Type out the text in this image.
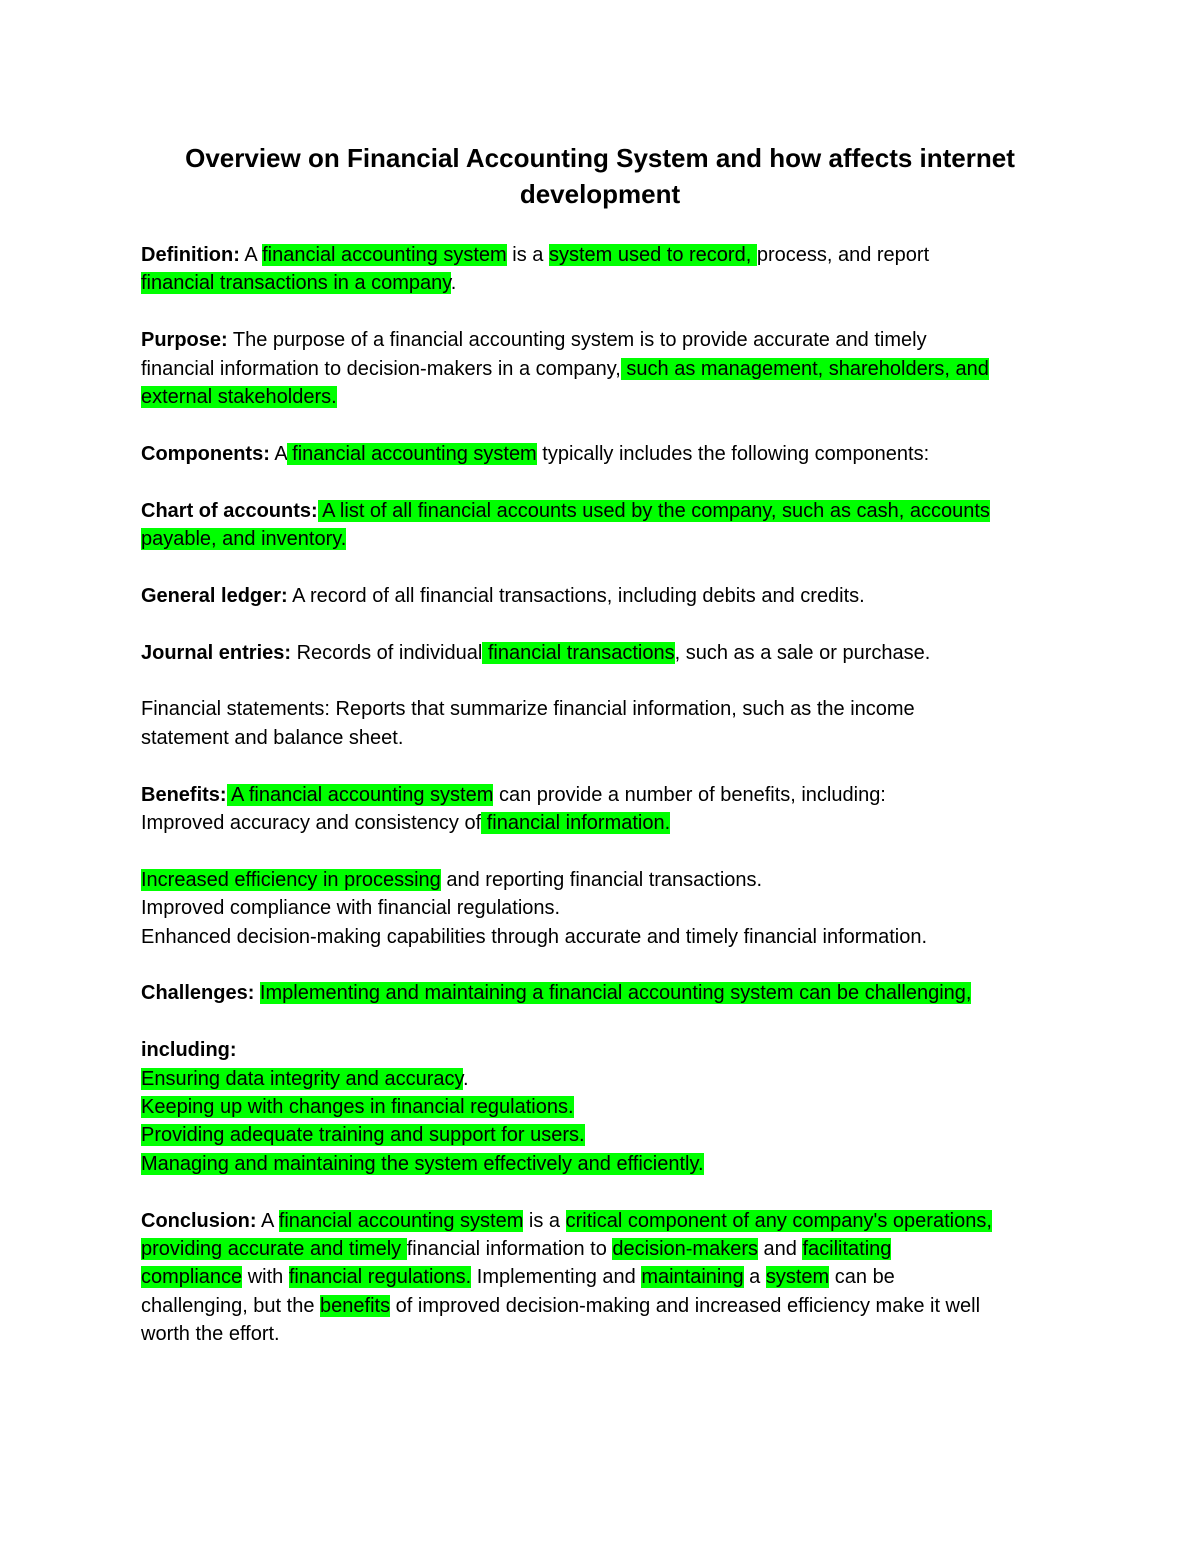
Overview on Financial Accounting System and how affects internet development

Definition: A financial accounting system is a system used to record, process, and report
financial transactions in a company.

Purpose: The purpose of a financial accounting system is to provide accurate and timely
financial information to decision-makers in a company, such as management, shareholders, and
external stakeholders.

Components: A financial accounting system typically includes the following components:

Chart of accounts: A list of all financial accounts used by the company, such as cash, accounts
payable, and inventory.

General ledger: A record of all financial transactions, including debits and credits.

Journal entries: Records of individual financial transactions, such as a sale or purchase.

Financial statements: Reports that summarize financial information, such as the income
statement and balance sheet.

Benefits: A financial accounting system can provide a number of benefits, including:
Improved accuracy and consistency of financial information.

Increased efficiency in processing and reporting financial transactions.
Improved compliance with financial regulations.
Enhanced decision-making capabilities through accurate and timely financial information.

Challenges: Implementing and maintaining a financial accounting system can be challenging,

including:
Ensuring data integrity and accuracy.
Keeping up with changes in financial regulations.
Providing adequate training and support for users.
Managing and maintaining the system effectively and efficiently.

Conclusion: A financial accounting system is a critical component of any company's operations,
providing accurate and timely financial information to decision-makers and facilitating
compliance with financial regulations. Implementing and maintaining a system can be
challenging, but the benefits of improved decision-making and increased efficiency make it well
worth the effort.
